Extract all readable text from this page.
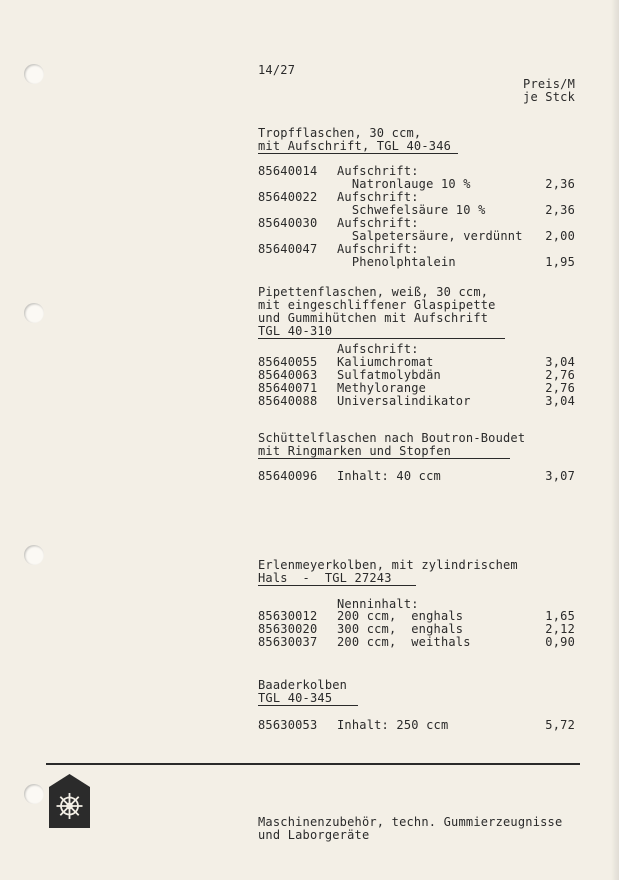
14/27
Preis/M
je Stck
Tropfflaschen, 30 ccm,
mit Aufschrift, TGL 40-346
85640014 Aufschrift:
Natronlauge 10 %	2,36
85640022 Aufschrift:
Schwefelsäure 10 %	2,36
85640030 Aufschrift:
Salpetersäure, verdünnt	2,00
85640047 Aufschrift:
Phenolphtalein	1,95
Pipettenflaschen, weiß, 30 ccm,
mit eingeschliffener Glaspipette
und Gummihütchen mit Aufschrift
TGL 40-310
Aufschrift:
85640055 Kaliumchromat	3,04
85640063 Sulfatmolybdän	2,76
85640071 Methylorange	2,76
85640088 Universalindikator	3,04
Schüttelflaschen nach Boutron-Boudet
mit Ringmarken und Stopfen
85640096 Inhalt: 40 ccm	3,07
Erlenmeyerkolben, mit zylindrischem
Hals  -  TGL 27243
Nenninhalt:
85630012 200 ccm,  enghals	1,65
85630020 300 ccm,  enghals	2,12
85630037 200 ccm,  weithals	0,90
Baaderkolben
TGL 40-345
85630053 Inhalt: 250 ccm	5,72
Maschinenzubehör, techn. Gummierzeugnisse
und Laborgeräte
